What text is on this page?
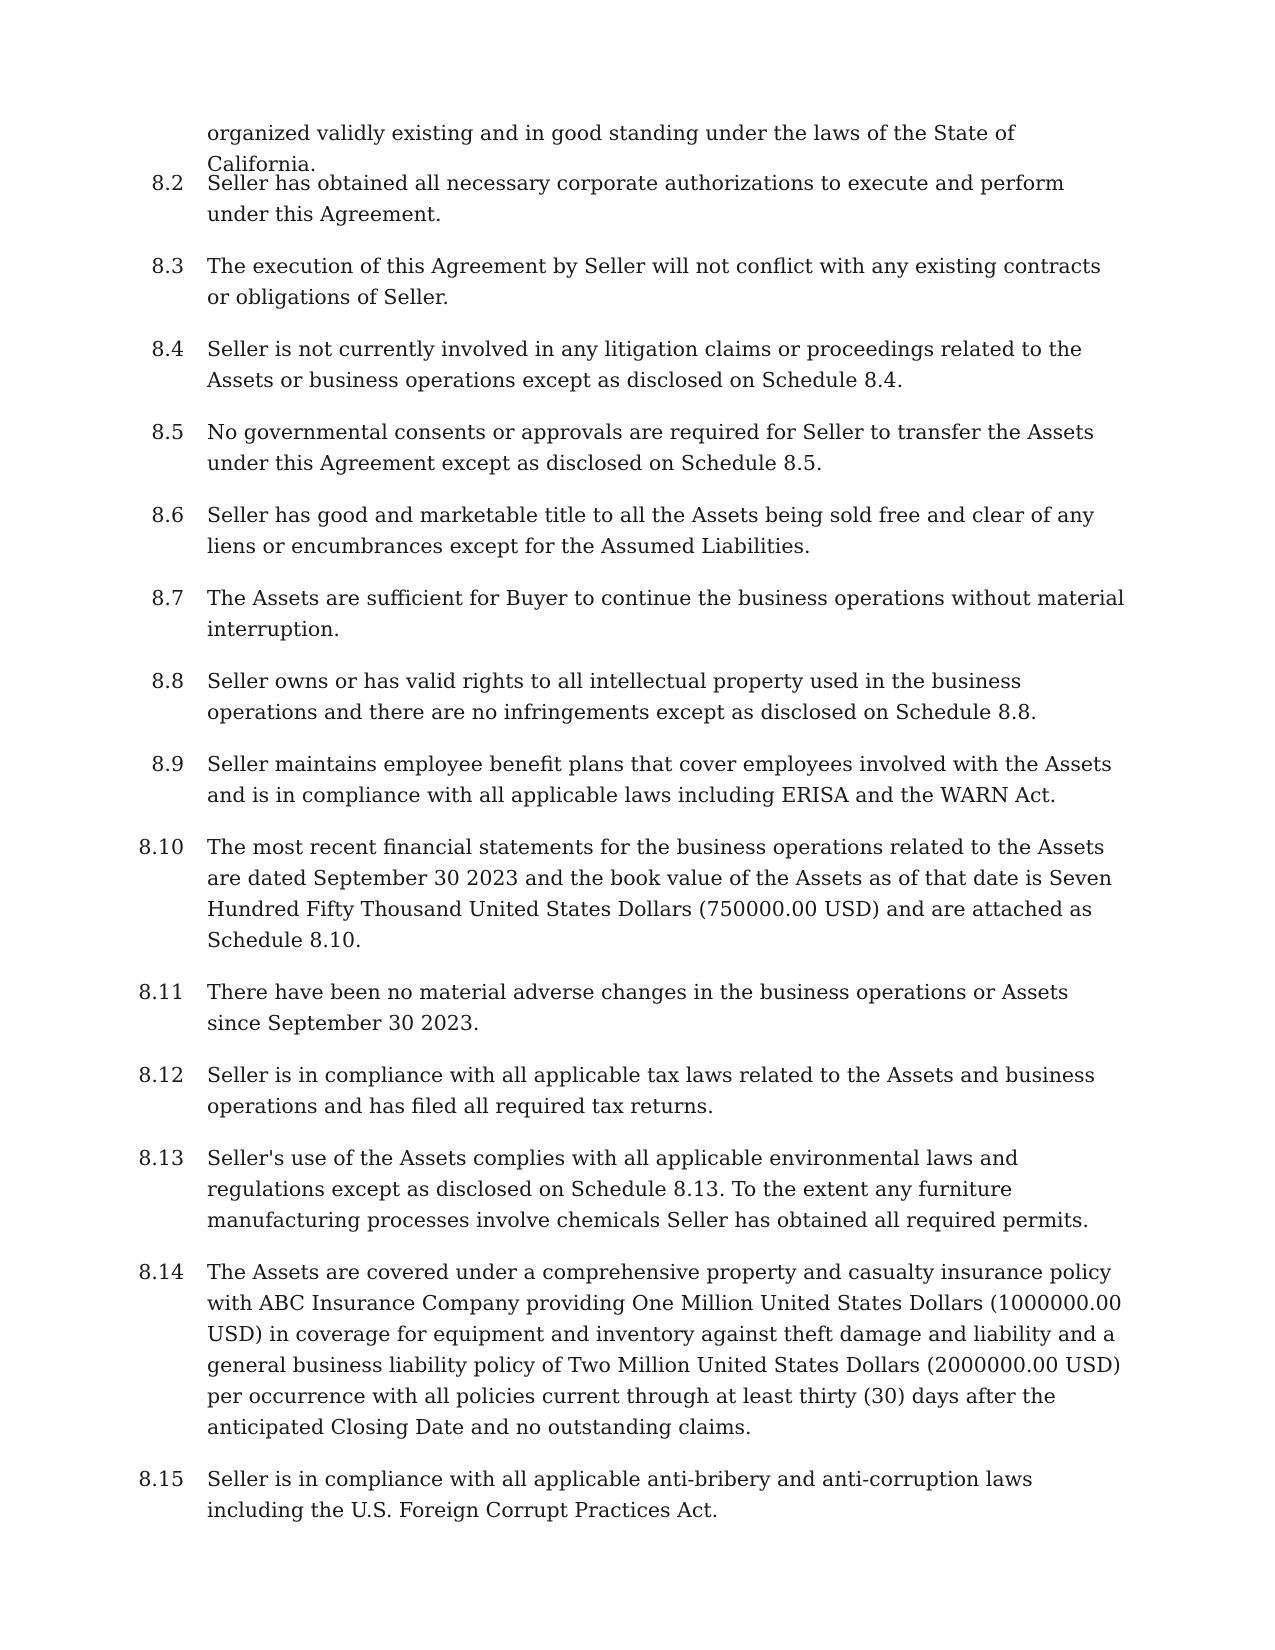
organized validly existing and in good standing under the laws of the State of California.

8.2 Seller has obtained all necessary corporate authorizations to execute and perform under this Agreement.
8.3 The execution of this Agreement by Seller will not conflict with any existing contracts or obligations of Seller.
8.4 Seller is not currently involved in any litigation claims or proceedings related to the Assets or business operations except as disclosed on Schedule 8.4.
8.5 No governmental consents or approvals are required for Seller to transfer the Assets under this Agreement except as disclosed on Schedule 8.5.
8.6 Seller has good and marketable title to all the Assets being sold free and clear of any liens or encumbrances except for the Assumed Liabilities.
8.7 The Assets are sufficient for Buyer to continue the business operations without material interruption.
8.8 Seller owns or has valid rights to all intellectual property used in the business operations and there are no infringements except as disclosed on Schedule 8.8.
8.9 Seller maintains employee benefit plans that cover employees involved with the Assets and is in compliance with all applicable laws including ERISA and the WARN Act.
8.10 The most recent financial statements for the business operations related to the Assets are dated September 30 2023 and the book value of the Assets as of that date is Seven Hundred Fifty Thousand United States Dollars (750000.00 USD) and are attached as Schedule 8.10.
8.11 There have been no material adverse changes in the business operations or Assets since September 30 2023.
8.12 Seller is in compliance with all applicable tax laws related to the Assets and business operations and has filed all required tax returns.
8.13 Seller's use of the Assets complies with all applicable environmental laws and regulations except as disclosed on Schedule 8.13. To the extent any furniture manufacturing processes involve chemicals Seller has obtained all required permits.
8.14 The Assets are covered under a comprehensive property and casualty insurance policy with ABC Insurance Company providing One Million United States Dollars (1000000.00 USD) in coverage for equipment and inventory against theft damage and liability and a general business liability policy of Two Million United States Dollars (2000000.00 USD) per occurrence with all policies current through at least thirty (30) days after the anticipated Closing Date and no outstanding claims.
8.15 Seller is in compliance with all applicable anti-bribery and anti-corruption laws including the U.S. Foreign Corrupt Practices Act.
